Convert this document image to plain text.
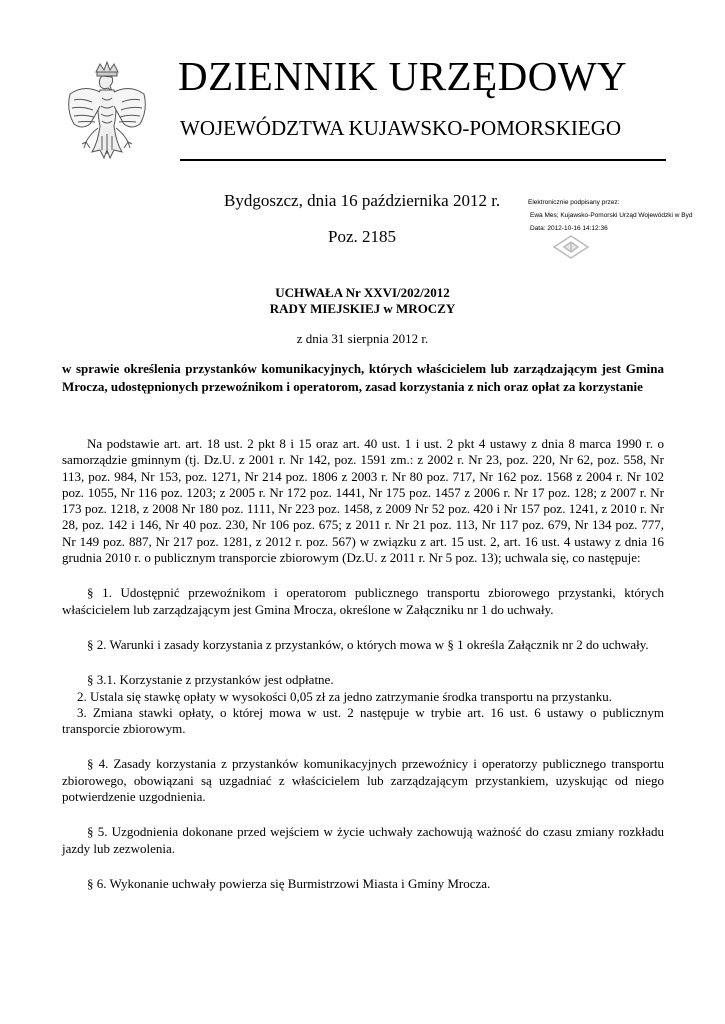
DZIENNIK URZĘDOWY
WOJEWÓDZTWA KUJAWSKO-POMORSKIEGO
Bydgoszcz, dnia 16 października 2012 r.
Poz. 2185
Elektronicznie podpisany przez:
Ewa Mes; Kujawsko-Pomorski Urząd Wojewódzki w Byd
Data: 2012-10-16 14:12:36
UCHWAŁA Nr XXVI/202/2012
RADY MIEJSKIEJ w MROCZY
z dnia 31 sierpnia 2012 r.
w sprawie określenia przystanków komunikacyjnych, których właścicielem lub zarządzającym jest Gmina Mrocza, udostępnionych przewoźnikom i operatorom, zasad korzystania z nich oraz opłat za korzystanie

Na podstawie art. art. 18 ust. 2 pkt 8 i 15 oraz art. 40 ust. 1 i ust. 2 pkt 4 ustawy z dnia 8 marca 1990 r. o samorządzie gminnym (tj. Dz.U. z 2001 r. Nr 142, poz. 1591 zm.: z 2002 r. Nr 23, poz. 220, Nr 62, poz. 558, Nr 113, poz. 984, Nr 153, poz. 1271, Nr 214 poz. 1806 z 2003 r. Nr 80 poz. 717, Nr 162 poz. 1568 z 2004 r. Nr 102 poz. 1055, Nr 116 poz. 1203; z 2005 r. Nr 172 poz. 1441, Nr 175 poz. 1457 z 2006 r. Nr 17 poz. 128; z 2007 r. Nr 173 poz. 1218, z 2008 Nr 180 poz. 1111, Nr 223 poz. 1458, z 2009 Nr 52 poz. 420 i Nr 157 poz. 1241, z 2010 r. Nr 28, poz. 142 i 146, Nr 40 poz. 230, Nr 106 poz. 675; z 2011 r. Nr 21 poz. 113, Nr 117 poz. 679, Nr 134 poz. 777, Nr 149 poz. 887, Nr 217 poz. 1281, z 2012 r. poz. 567) w związku z art. 15 ust. 2, art. 16 ust. 4 ustawy z dnia 16 grudnia 2010 r. o publicznym transporcie zbiorowym (Dz.U. z 2011 r. Nr 5 poz. 13); uchwala się, co następuje:

§ 1. Udostępnić przewoźnikom i operatorom publicznego transportu zbiorowego przystanki, których właścicielem lub zarządzającym jest Gmina Mrocza, określone w Załączniku nr 1 do uchwały.

§ 2. Warunki i zasady korzystania z przystanków, o których mowa w § 1 określa Załącznik nr 2 do uchwały.

§ 3.1. Korzystanie z przystanków jest odpłatne.
2. Ustala się stawkę opłaty w wysokości 0,05 zł za jedno zatrzymanie środka transportu na przystanku.
3. Zmiana stawki opłaty, o której mowa w ust. 2 następuje w trybie art. 16 ust. 6 ustawy o publicznym transporcie zbiorowym.

§ 4. Zasady korzystania z przystanków komunikacyjnych przewoźnicy i operatorzy publicznego transportu zbiorowego, obowiązani są uzgadniać z właścicielem lub zarządzającym przystankiem, uzyskując od niego potwierdzenie uzgodnienia.

§ 5. Uzgodnienia dokonane przed wejściem w życie uchwały zachowują ważność do czasu zmiany rozkładu jazdy lub zezwolenia.

§ 6. Wykonanie uchwały powierza się Burmistrzowi Miasta i Gminy Mrocza.
